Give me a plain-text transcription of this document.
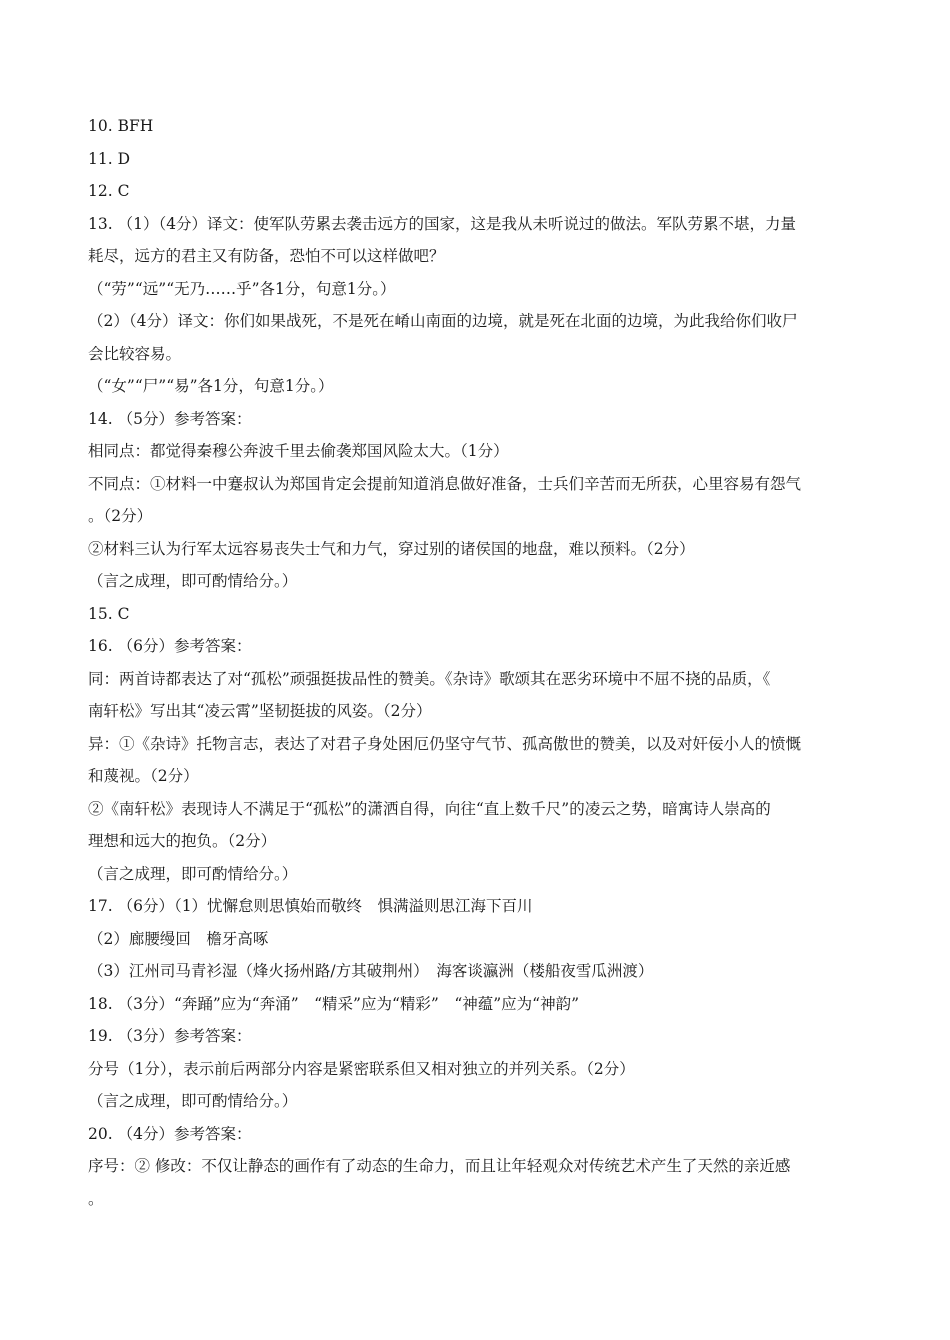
10. BFH
11. D
12. C
13. （1）（4分）译文：使军队劳累去袭击远方的国家，这是我从未听说过的做法。军队劳累不堪，力量
耗尽，远方的君主又有防备，恐怕不可以这样做吧？
（“劳”“远”“无乃……乎”各1分，句意1分。）
（2）（4分）译文：你们如果战死，不是死在崤山南面的边境，就是死在北面的边境，为此我给你们收尸
会比较容易。
（“女”“尸”“易”各1分，句意1分。）
14. （5分）参考答案：
相同点：都觉得秦穆公奔波千里去偷袭郑国风险太大。（1分）
不同点：①材料一中蹇叔认为郑国肯定会提前知道消息做好准备，士兵们辛苦而无所获，心里容易有怨气
。（2分）
②材料三认为行军太远容易丧失士气和力气，穿过别的诸侯国的地盘，难以预料。（2分）
（言之成理，即可酌情给分。）
15. C
16. （6分）参考答案：
同：两首诗都表达了对“孤松”顽强挺拔品性的赞美。《杂诗》歌颂其在恶劣环境中不屈不挠的品质，《
南轩松》写出其“凌云霄”坚韧挺拔的风姿。（2分）
异：①《杂诗》托物言志，表达了对君子身处困厄仍坚守气节、孤高傲世的赞美，以及对奸佞小人的愤慨
和蔑视。（2分）
②《南轩松》表现诗人不满足于“孤松”的潇洒自得，向往“直上数千尺”的凌云之势，暗寓诗人崇高的
理想和远大的抱负。（2分）
（言之成理，即可酌情给分。）
17. （6分）（1）忧懈怠则思慎始而敬终　惧满溢则思江海下百川
（2）廊腰缦回　檐牙高啄
（3）江州司马青衫湿（烽火扬州路/方其破荆州）　海客谈瀛洲（楼船夜雪瓜洲渡）
18. （3分）“奔踊”应为“奔涌”　“精采”应为“精彩”　“神蕴”应为“神韵”
19. （3分）参考答案：
分号（1分），表示前后两部分内容是紧密联系但又相对独立的并列关系。（2分）
（言之成理，即可酌情给分。）
20. （4分）参考答案：
序号：② 修改：不仅让静态的画作有了动态的生命力，而且让年轻观众对传统艺术产生了天然的亲近感
。
